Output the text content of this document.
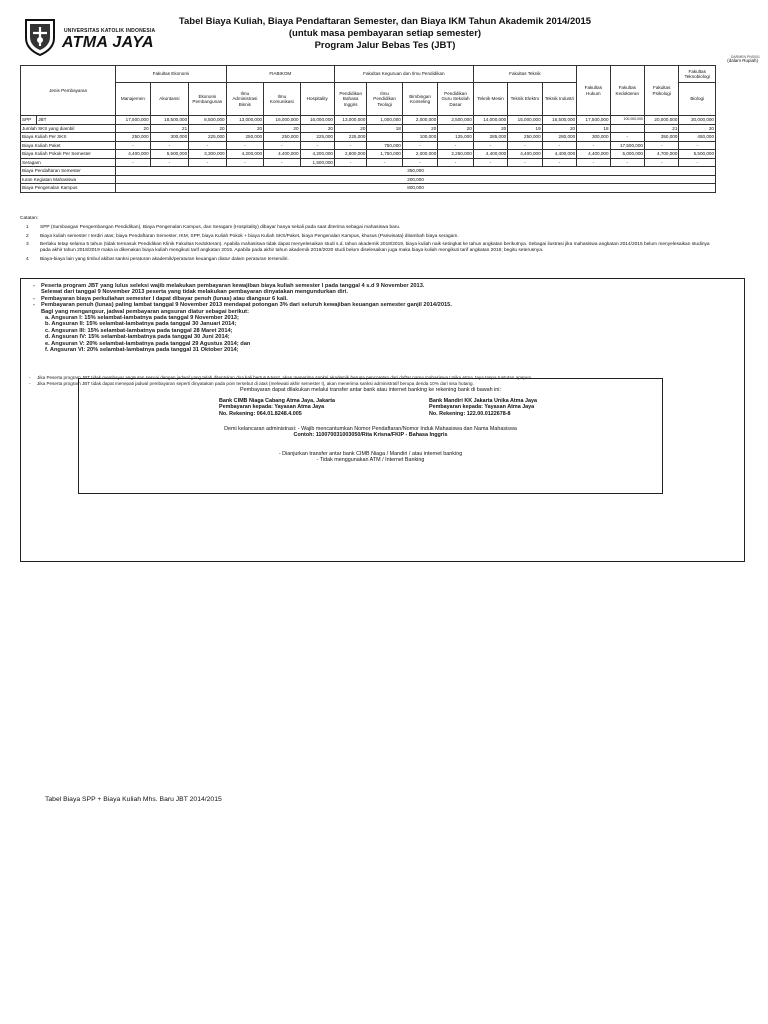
UNIVERSITAS KATOLIK INDONESIA
ATMA JAYA
Tabel Biaya Kuliah, Biaya Pendaftaran Semester, dan Biaya IKM Tahun Akademik 2014/2015
(untuk masa pembayaran setiap semester)
Program Jalur Bebas Tes (JBT)
DARMEN PNS001
(dalam Rupiah)
Jenis Pembayaran		Fakultas Ekonomi			FIABIKOM			Fakultas Keguruan dan Ilmu Pendidikan				Fakultas Teknik			Fakultas Hukum	Fakultas Kedokteran	Fakultas Psikologi	Fakultas Teknobiologi
		Manajemen	Akuntansi	Ekonomi Pembangunan	Ilmu Administrasi Bisnis	Ilmu Komunikasi	Hospitality	Pendidikan Bahasa Inggris	Ilmu Pendidikan Teologi	Bimbingan Konseling	Pendidikan Guru Sekolah Dasar	Teknik Mesin	Teknik Elektro	Teknik Industri				Biologi
SPP	JBT	17,500,000	18,500,000	8,500,000	13,000,000	16,000,000	16,000,000	13,000,000	1,000,000	2,000,000	2,500,000	14,000,000	15,000,000	16,500,000	17,500,000	100,000,000	20,000,000	30,000,000
Jumlah SKS yang diambil		20	21	20	20	20	20	20	18	20	20	20	19	20	18		21	20
Biaya Kuliah Per SKS		250,000	300,000	225,000	250,000	250,000	225,000	225,000		100,000	125,000	285,000	250,000	280,000	300,000	-	350,000	450,000
Biaya Kuliah Paket		-	-	-	-	-	-	-	750,000	-	-	-	-	-	-	17,500,000	-	-
Biaya Kuliah Pokok Per Semester		4,400,000	5,500,000	3,300,000	4,200,000	4,400,000	4,200,000	2,800,000	1,750,000	2,000,000	2,250,000	4,400,000	4,400,000	4,400,000	4,400,000	5,000,000	4,700,000	5,500,000
Seragam		-	-	-	-	-	1,500,000	-	-	-	-	-	-	-	-	-	-	-
Biaya Pendaftaran Semester		350,000																
Iuran Kegiatan Mahasiswa		200,000																
Biaya Pengenalan Kampus		800,000																
Catatan:
1 SPP (Sumbangan Pengembangan Pendidikan), Biaya Pengenalan Kampus, dan Seragam (Hospitality) dibayar hanya sekali pada saat diterima sebagai mahasiswa baru.
2 Biaya kuliah semester I terdiri atas; biaya Pendaftaran Semester, IKM, SPP, biaya Kuliah Pokok + biaya Kuliah SKS/Paket, biaya Pengenalan Kampus, khusus (Pariwisata) ditambah biaya seragam.
3 Berlaku tetap selama 5 tahun (tidak termasuk Pendidikan Klinik Fakultas Kedokteran). Apabila mahasiswa tidak dapat menyelesaikan studi s.d. tahun akademik 2018/2019, biaya kuliah naik setingkat ke tahun angkatan berikutnya. Sebagai ilustrasi jika mahasiswa angkatan 2014/2015 belum menyelesaikan studinya pada akhir tahun 2018/2019 maka ia dikenakan biaya kuliah mengikuti tarif angkatan 2015. Apabila pada akhir tahun akademik 2019/2020 studi belum diselesaikan juga maka biaya kuliah mengikuti tarif angkatan 2016; begitu seterusnya.
4 Biaya-biaya lain yang timbul akibat sanksi peraturan akademik/peraturan keuangan diatur dalam peraturan tersendiri.
- Peserta program JBT yang lulus seleksi wajib melakukan pembayaran kewajiban biaya kuliah semester I pada tanggal 4 s.d 9 November 2013.
Selewat dari tanggal 9 November 2013 peserta yang tidak melakukan pembayaran dinyatakan mengundurkan diri.
- Pembayaran biaya perkuliahan semester I dapat dibayar penuh (lunas) atau diangsur 6 kali.
- Pembayaran penuh (lunas) paling lambat tanggal 9 November 2013 mendapat potongan 3% dari seluruh kewajiban keuangan semester ganjil 2014/2015.
Bagi yang mengangsur, jadwal pembayaran angsuran diatur sebagai berikut:
a. Angsuran I: 15% selambat-lambatnya pada tanggal 9 November 2013;
b. Angsuran II: 15% selambat-lambatnya pada tanggal 30 Januari 2014;
c. Angsuran III: 15% selambat-lambatnya pada tanggal 28 Maret 2014;
d. Angsuran IV: 15% selambat-lambatnya pada tanggal 30 Juni 2014;
e. Angsuran V: 20% selambat-lambatnya pada tanggal 29 Agustus 2014; dan
f. Angsuran VI: 20% selambat-lambatnya pada tanggal 31 Oktober 2014;
- Jika Peserta program JBT tidak membayar angsuran sesuai dengan jadwal yang telah ditentukan dua kali berturut-turut, akan menerima sanksi akademik berupa pencoretan dari daftar nama mahasiswa Unika Atma Jaya tanpa tuntutan apapun.
- Jika Peserta program JBT tidak dapat menepati jadwal pembayaran seperti dinyatakan pada poin tersebut di atas (melewati akhir semester I), akan menerima sanksi administratif berupa denda 10% dari sisa hutang.
Pembayaran dapat dilakukan melalui transfer antar bank atau internet banking ke rekening bank di bawah ini:
Bank CIMB Niaga Cabang Atma Jaya, Jakarta
Pembayaran kepada: Yayasan Atma Jaya
No. Rekening: 064.01.8248.4.005
Bank Mandiri KK Jakarta Unika Atma Jaya
Pembayaran kepada: Yayasan Atma Jaya
No. Rekening: 122.00.0122678-8
Demi kelancaran administrasi: - Wajib mencantumkan Nomor Pendaftaran/Nomor Induk Mahasiswa dan Nama Mahasiswa
Contoh: 110070031003050/Rita Krisna/FKIP - Bahasa Inggris
- Dianjurkan transfer antar bank CIMB Niaga / Mandiri / atau internet banking
- Tidak menggunakan ATM / Internet Banking
Tabel Biaya SPP + Biaya Kuliah Mhs. Baru JBT 2014/2015
